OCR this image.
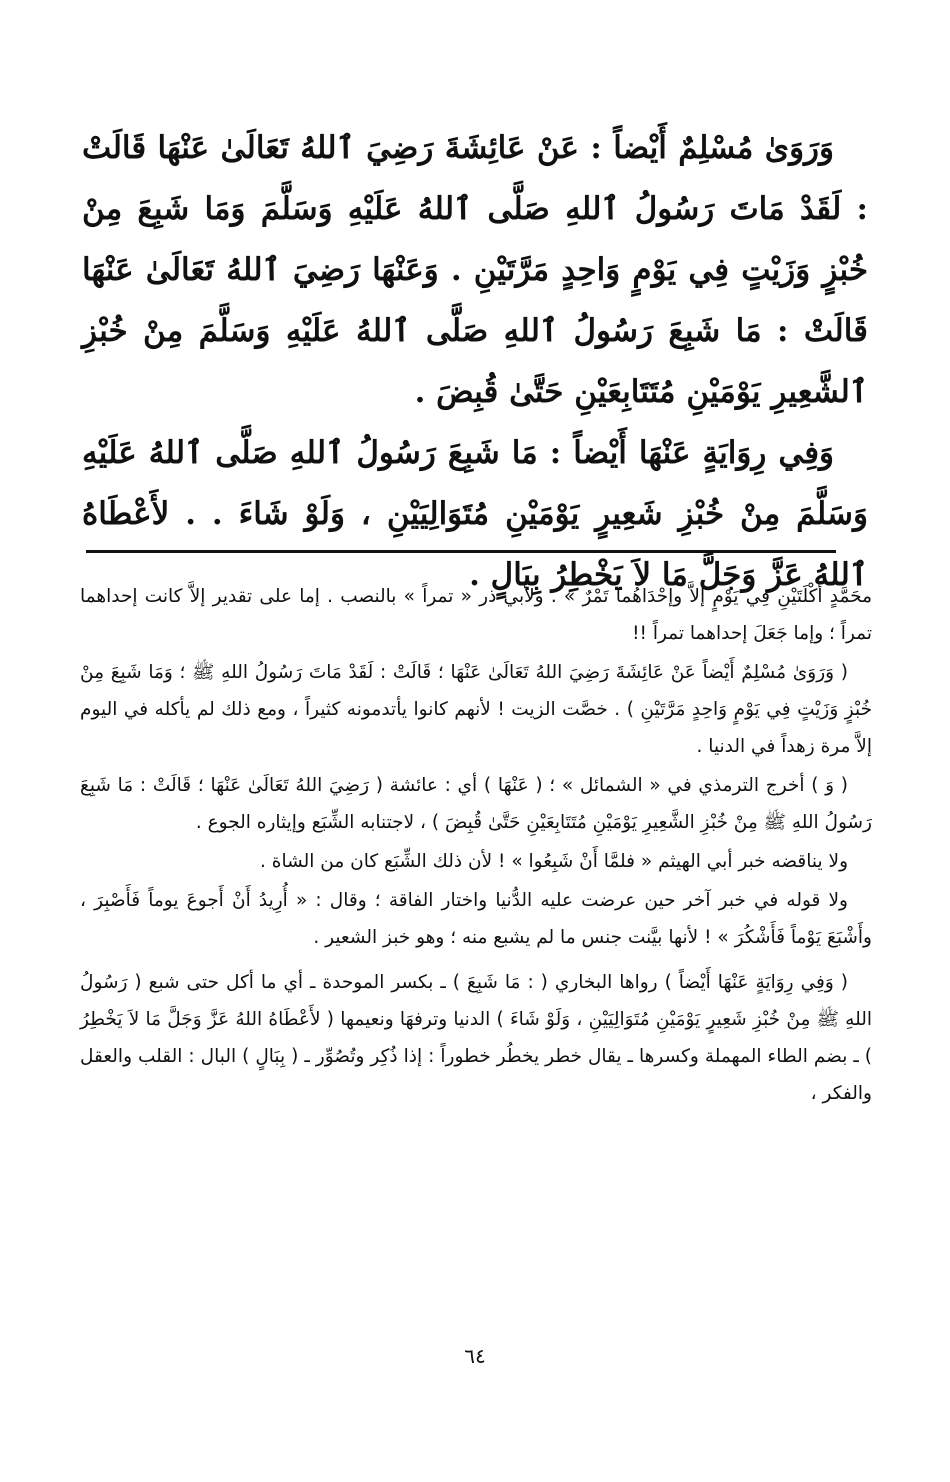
وَرَوَىٰ مُسْلِمٌ أَيْضاً : عَنْ عَائِشَةَ رَضِيَ ٱللهُ تَعَالَىٰ عَنْهَا قَالَتْ : لَقَدْ مَاتَ رَسُولُ ٱللهِ صَلَّى ٱللهُ عَلَيْهِ وَسَلَّمَ وَمَا شَبِعَ مِنْ خُبْزٍ وَزَيْتٍ فِي يَوْمٍ وَاحِدٍ مَرَّتَيْنِ . وَعَنْهَا رَضِيَ ٱللهُ تَعَالَىٰ عَنْهَا قَالَتْ : مَا شَبِعَ رَسُولُ ٱللهِ صَلَّى ٱللهُ عَلَيْهِ وَسَلَّمَ مِنْ خُبْزِ ٱلشَّعِيرِ يَوْمَيْنِ مُتَتَابِعَيْنِ حَتَّىٰ قُبِضَ .

وَفِي رِوَايَةٍ عَنْهَا أَيْضاً : مَا شَبِعَ رَسُولُ ٱللهِ صَلَّى ٱللهُ عَلَيْهِ وَسَلَّمَ مِنْ خُبْزِ شَعِيرٍ يَوْمَيْنِ مُتَوَالِيَيْنِ ، وَلَوْ شَاءَ . . لأَعْطَاهُ ٱللهُ عَزَّ وَجَلَّ مَا لاَ يَخْطِرُ بِبَالٍ .

محَمَّدٍ أَكْلَتَيْنِ فِي يَوْمٍ إلاَّ وإحْدَاهُما تَمْرٌ » . ولأبي ذر « تمراً » بالنصب . إما على تقدير إلاَّ كانت إحداهما تمراً ؛ وإما جَعَلَ إحداهما تمراً !!

( وَرَوَىٰ مُسْلِمٌ أَيْضاً عَنْ عَائِشَةَ رَضِيَ اللهُ تَعَالَىٰ عَنْهَا ؛ قَالَتْ : لَقَدْ مَاتَ رَسُولُ اللهِ ﷺ ؛ وَمَا شَبِعَ مِنْ خُبْزٍ وَزَيْتٍ فِي يَوْمٍ وَاحِدٍ مَرَّتَيْنِ ) . خصَّت الزيت ! لأنهم كانوا يأتدمونه كثيراً ، ومع ذلك لم يأكله في اليوم إلاَّ مرة زهداً في الدنيا .

( وَ ) أخرج الترمذي في « الشمائل » ؛ ( عَنْهَا ) أي : عائشة ( رَضِيَ اللهُ تَعَالَىٰ عَنْهَا ؛ قَالَتْ : مَا شَبِعَ رَسُولُ اللهِ ﷺ مِنْ خُبْزِ الشَّعِيرِ يَوْمَيْنِ مُتَتَابِعَيْنِ حَتَّىٰ قُبِضَ ) ، لاجتنابه الشِّبَع وإيثاره الجوع .

ولا يناقضه خبر أبي الهيثم « فلمَّا أَنْ شَبِعُوا » ! لأن ذلك الشِّبَع كان من الشاة .

ولا قوله في خبر آخر حين عرضت عليه الدُّنيا واختار الفاقة ؛ وقال : « أُرِيدُ أَنْ أَجوعَ يوماً فَأَصْبِرَ ، وأَشْبَعَ يَوْماً فَأَشْكُرَ » ! لأنها بيَّنت جنس ما لم يشبع منه ؛ وهو خبز الشعير .

( وَفِي رِوَايَةٍ عَنْهَا أَيْضاً ) رواها البخاري ( : مَا شَبِعَ ) ـ بكسر الموحدة ـ أي ما أكل حتى شبع ( رَسُولُ اللهِ ﷺ مِنْ خُبْزِ شَعِيرٍ يَوْمَيْنِ مُتَوَالِيَيْنِ ، وَلَوْ شَاءَ ) الدنيا وترفهَا ونعيمها ( لأَعْطَاهُ اللهُ عَزَّ وَجَلَّ مَا لاَ يَخْطِرُ ) ـ بضم الطاء المهملة وكسرها ـ يقال خطر يخطُر خطوراً : إذا ذُكِر وتُصُوِّر ـ ( بِبَالٍ ) البال : القلب والعقل والفكر ،

٦٤
